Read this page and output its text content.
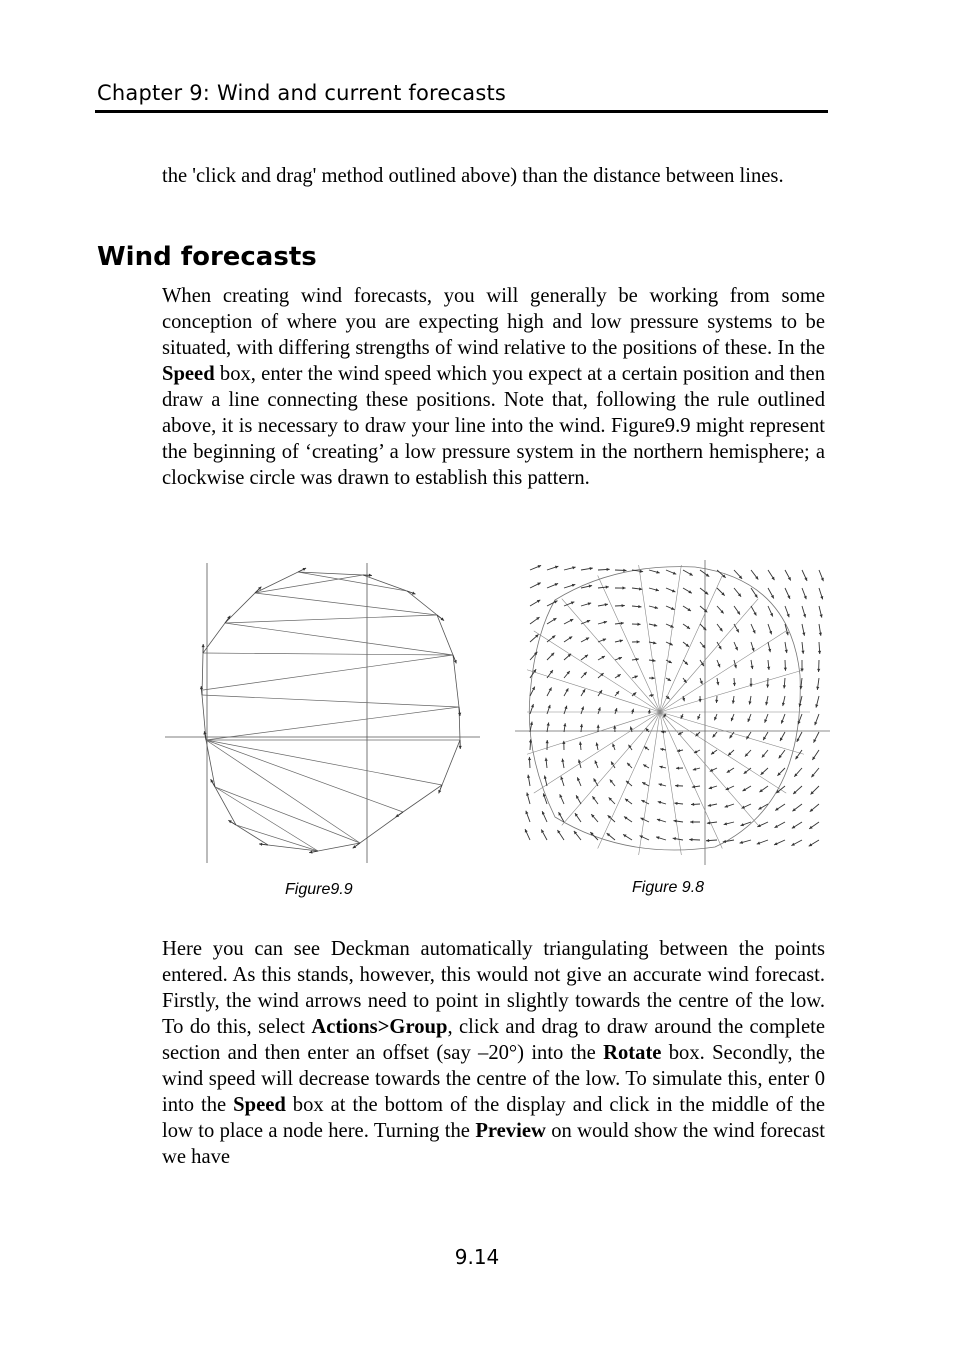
Chapter 9: Wind and current forecasts

the 'click and drag' method outlined above) than the distance between lines.

Wind forecasts

When creating wind forecasts, you will generally be working from some conception of where you are expecting high and low pressure systems to be situated, with differing strengths of wind relative to the positions of these. In the Speed box, enter the wind speed which you expect at a certain position and then draw a line connecting these positions. Note that, following the rule outlined above, it is necessary to draw your line into the wind. Figure9.9 might represent the beginning of ‘creating’ a low pressure system in the northern hemisphere; a clockwise circle was drawn to establish this pattern.

Figure9.9	Figure 9.8

Here you can see Deckman automatically triangulating between the points entered. As this stands, however, this would not give an accurate wind forecast. Firstly, the wind arrows need to point in slightly towards the centre of the low. To do this, select Actions>Group, click and drag to draw around the complete section and then enter an offset (say –20°) into the Rotate box. Secondly, the wind speed will decrease towards the centre of the low. To simulate this, enter 0 into the Speed box at the bottom of the display and click in the middle of the low to place a node here. Turning the Preview on would show the wind forecast we have

9.14
